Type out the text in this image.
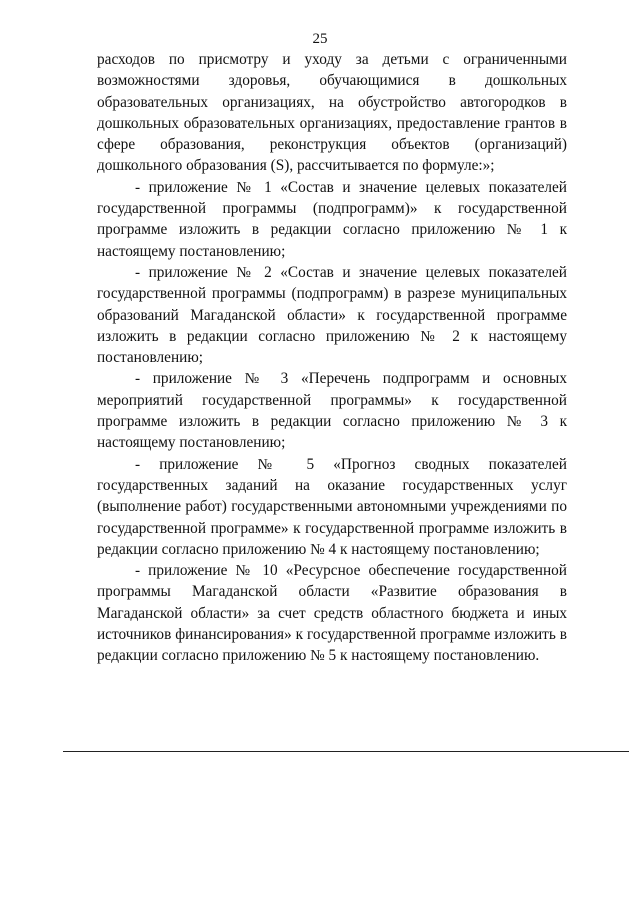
25

расходов по присмотру и уходу за детьми с ограниченными возможностями здоровья, обучающимися в дошкольных образовательных организациях, на обустройство автогородков в дошкольных образовательных организациях, предоставление грантов в сфере образования, реконструкция объектов (организаций) дошкольного образования (S), рассчитывается по формуле:»;

- приложение № 1 «Состав и значение целевых показателей государственной программы (подпрограмм)» к государственной программе изложить в редакции согласно приложению № 1 к настоящему постановлению;

- приложение № 2 «Состав и значение целевых показателей государственной программы (подпрограмм) в разрезе муниципальных образований Магаданской области» к государственной программе изложить в редакции согласно приложению № 2 к настоящему постановлению;

- приложение № 3 «Перечень подпрограмм и основных мероприятий государственной программы» к государственной программе изложить в редакции согласно приложению № 3 к настоящему постановлению;

- приложение № 5 «Прогноз сводных показателей государственных заданий на оказание государственных услуг (выполнение работ) государственными автономными учреждениями по государственной программе» к государственной программе изложить в редакции согласно приложению № 4 к настоящему постановлению;

- приложение № 10 «Ресурсное обеспечение государственной программы Магаданской области «Развитие образования в Магаданской области» за счет средств областного бюджета и иных источников финансирования» к государственной программе изложить в редакции согласно приложению № 5 к настоящему постановлению.
